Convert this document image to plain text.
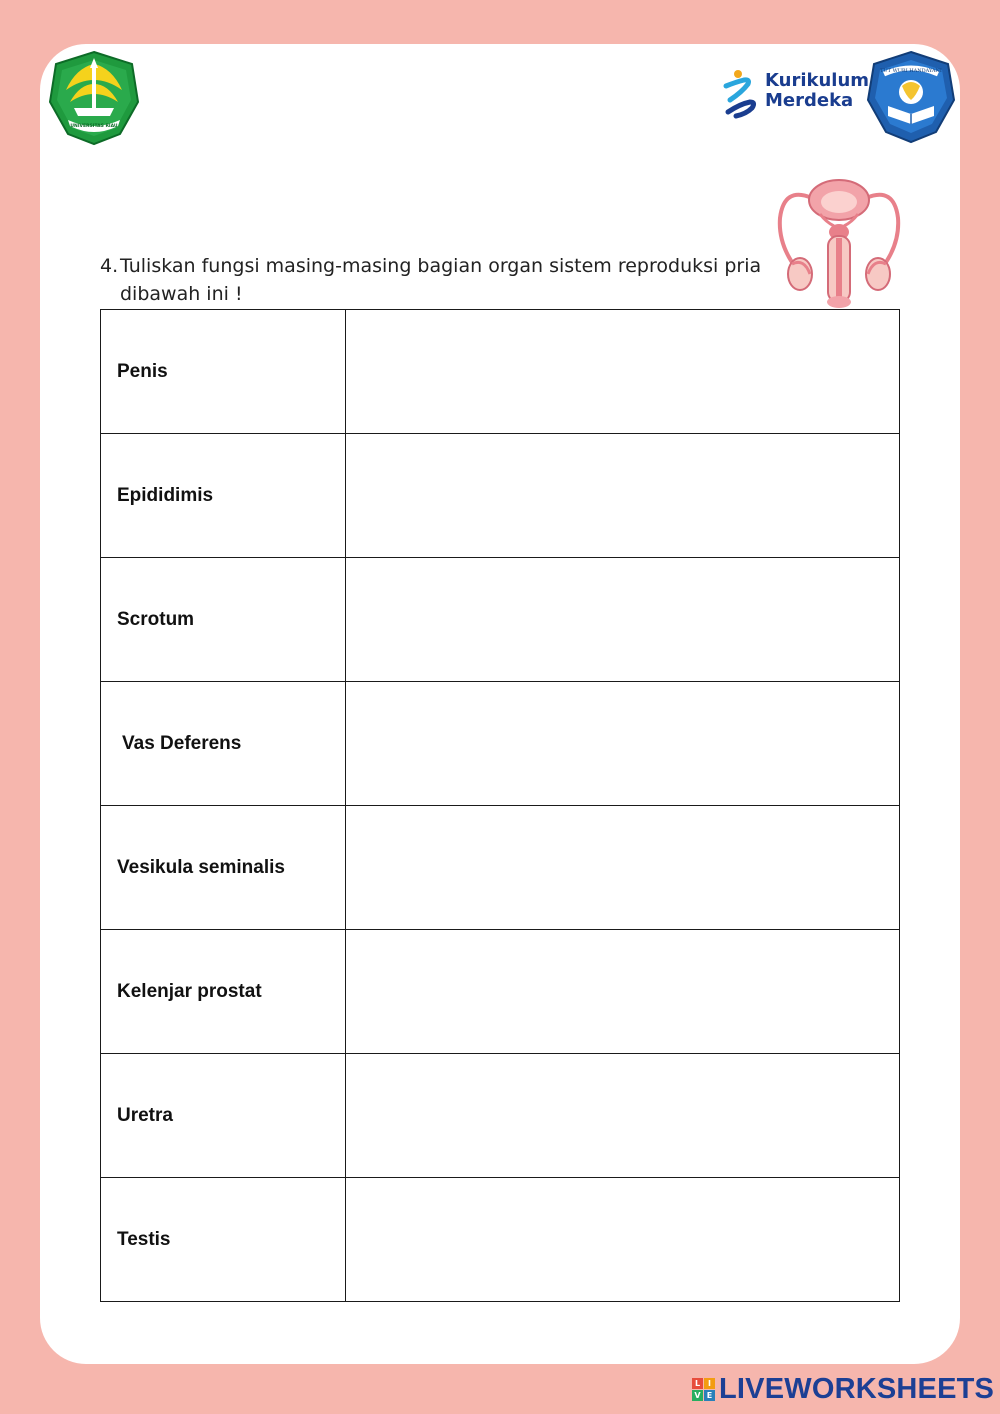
UNIVERSITAS RIAU
Kurikulum
Merdeka
TUT WURI HANDAYANI
4. Tuliskan fungsi masing-masing bagian organ sistem reproduksi pria dibawah ini !
Penis	
Epididimis	
Scrotum	
Vas Deferens	
Vesikula seminalis	
Kelenjar prostat	
Uretra	
Testis	
L I
V E LIVEWORKSHEETS
